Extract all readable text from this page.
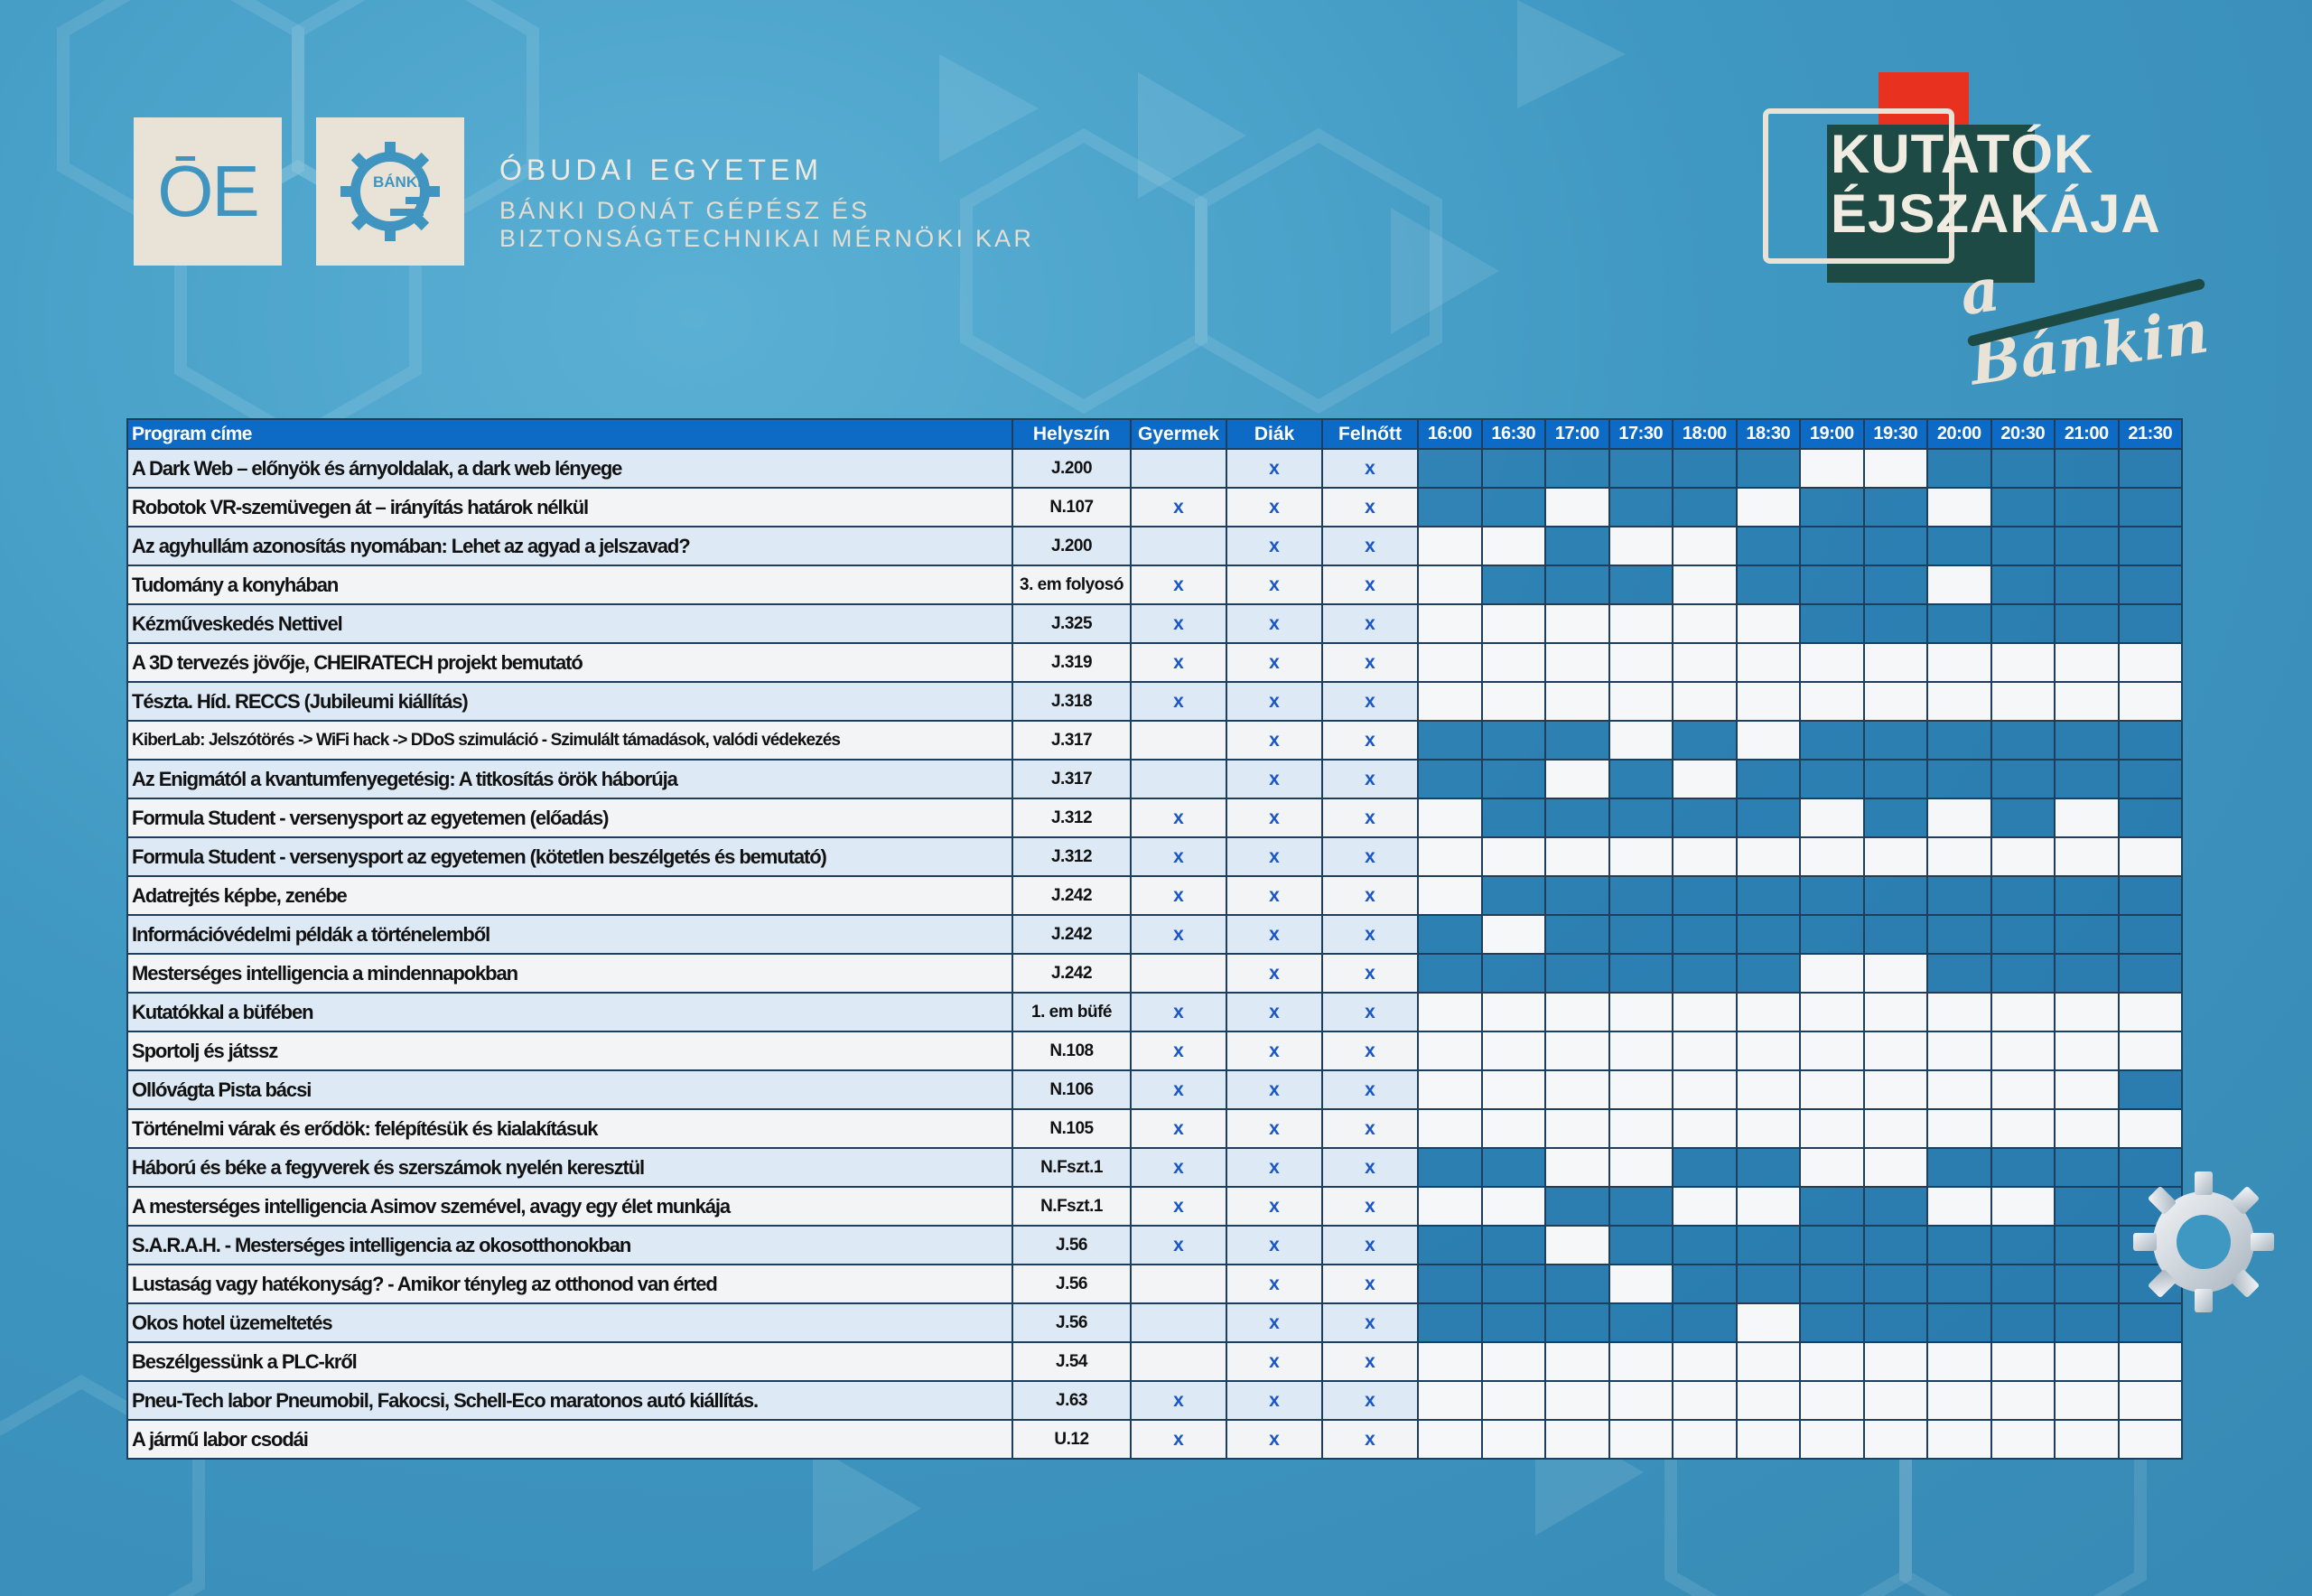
ŌE	BÁNKI	ÓBUDAI EGYETEM
BÁNKI DONÁT GÉPÉSZ ÉS
BIZTONSÁGTECHNIKAI MÉRNÖKI KAR
KUTATÓK
ÉJSZAKÁJA
a Bánkin
Program címe	Helyszín	Gyermek	Diák	Felnőtt	16:00	16:30	17:00	17:30	18:00	18:30	19:00	19:30	20:00	20:30	21:00	21:30
A Dark Web – előnyök és árnyoldalak, a dark web lényege	J.200		x	x												
Robotok VR-szemüvegen át – irányítás határok nélkül	N.107	x	x	x												
Az agyhullám azonosítás nyomában: Lehet az agyad a jelszavad?	J.200		x	x												
Tudomány a konyhában	3. em folyosó	x	x	x												
Kézműveskedés Nettivel	J.325	x	x	x												
A 3D tervezés jövője, CHEIRATECH projekt bemutató	J.319	x	x	x												
Tészta. Híd. RECCS (Jubileumi kiállítás)	J.318	x	x	x												
KiberLab: Jelszótörés -> WiFi hack -> DDoS szimuláció - Szimulált támadások, valódi védekezés	J.317		x	x												
Az Enigmától a kvantumfenyegetésig: A titkosítás örök háborúja	J.317		x	x												
Formula Student - versenysport az egyetemen (előadás)	J.312	x	x	x												
Formula Student - versenysport az egyetemen (kötetlen beszélgetés és bemutató)	J.312	x	x	x												
Adatrejtés képbe, zenébe	J.242	x	x	x												
Információvédelmi példák a történelemből	J.242	x	x	x												
Mesterséges intelligencia a mindennapokban	J.242		x	x												
Kutatókkal a büfében	1. em büfé	x	x	x												
Sportolj és játssz	N.108	x	x	x												
Ollóvágta Pista bácsi	N.106	x	x	x												
Történelmi várak és erődök: felépítésük és kialakításuk	N.105	x	x	x												
Háború és béke a fegyverek és szerszámok nyelén keresztül	N.Fszt.1	x	x	x												
A mesterséges intelligencia Asimov szemével, avagy egy élet munkája	N.Fszt.1	x	x	x												
S.A.R.A.H. - Mesterséges intelligencia az okosotthonokban	J.56	x	x	x												
Lustaság vagy hatékonyság? - Amikor tényleg az otthonod van érted	J.56		x	x												
Okos hotel üzemeltetés	J.56		x	x												
Beszélgessünk a PLC-kről	J.54		x	x												
Pneu-Tech labor Pneumobil, Fakocsi, Schell-Eco maratonos autó kiállítás.	J.63	x	x	x												
A jármű labor csodái	U.12	x	x	x												
